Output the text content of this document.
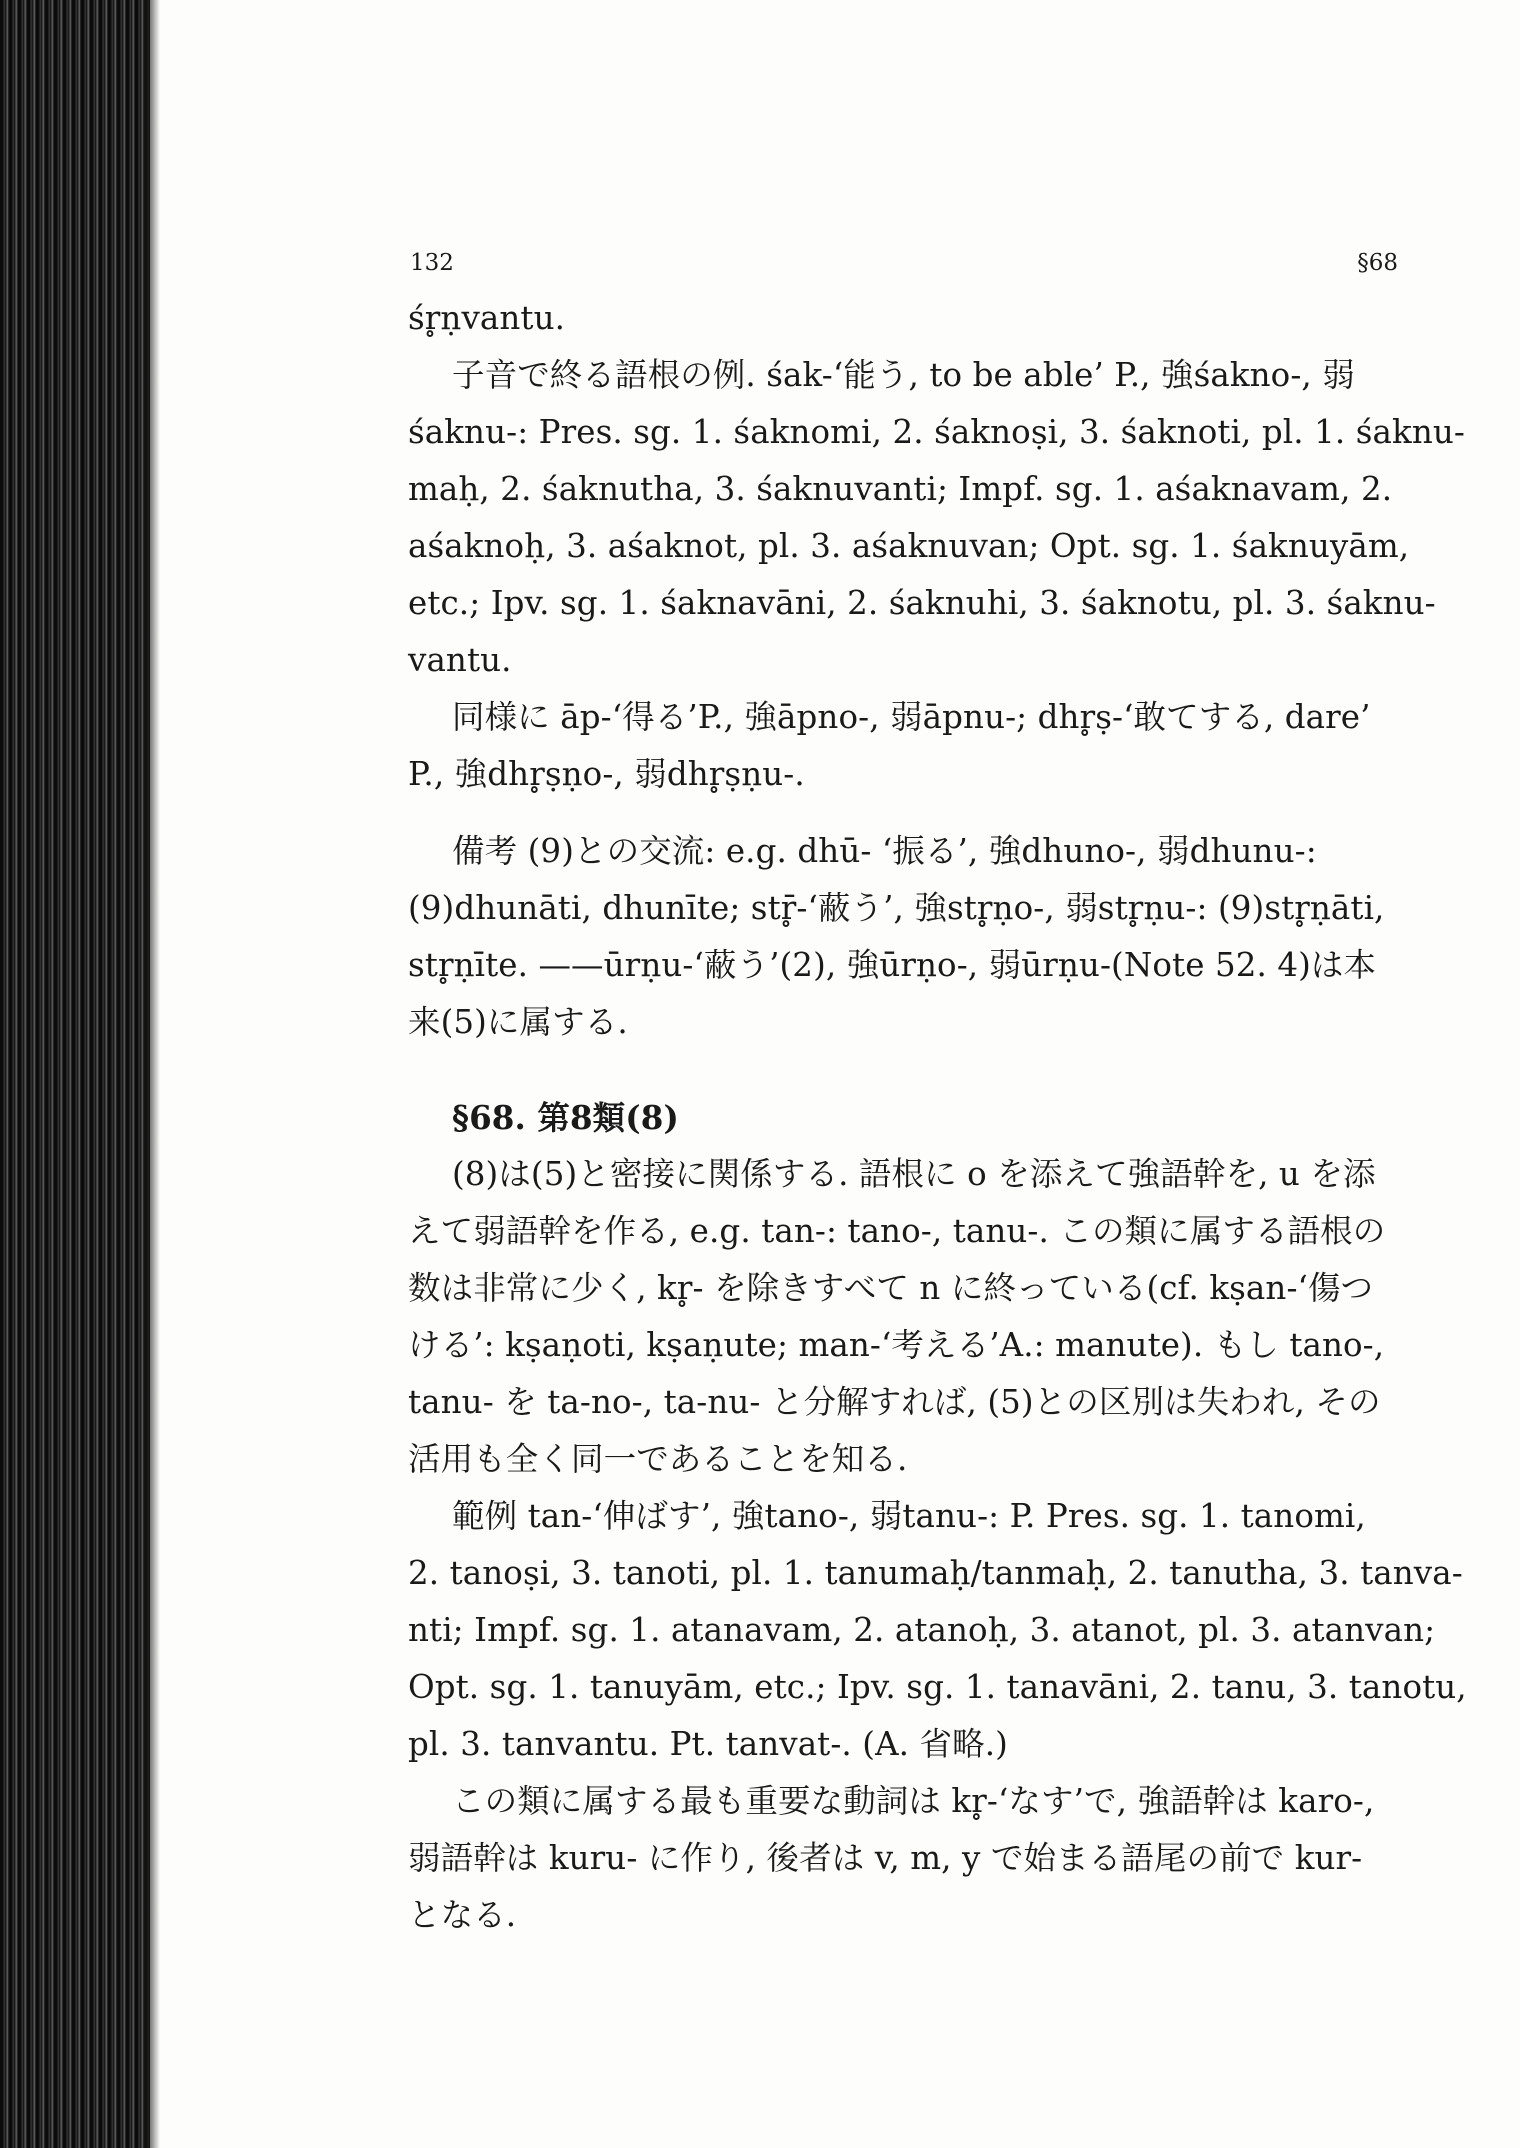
132	§68
śr̥ṇvantu.
子音で終る語根の例. śak-‘能う, to be able’ P., 強śakno-, 弱
śaknu-: Pres. sg. 1. śaknomi, 2. śaknoṣi, 3. śaknoti, pl. 1. śaknu-
maḥ, 2. śaknutha, 3. śaknuvanti; Impf. sg. 1. aśaknavam, 2.
aśaknoḥ, 3. aśaknot, pl. 3. aśaknuvan; Opt. sg. 1. śaknuyām,
etc.; Ipv. sg. 1. śaknavāni, 2. śaknuhi, 3. śaknotu, pl. 3. śaknu-
vantu.
同様に āp-‘得る’P., 強āpno-, 弱āpnu-; dhr̥ṣ-‘敢てする, dare’
P., 強dhr̥ṣṇo-, 弱dhr̥ṣṇu-.
備考 (9)との交流: e.g. dhū- ‘振る’, 強dhuno-, 弱dhunu-:
(9)dhunāti, dhunīte; str̥̄-‘蔽う’, 強str̥ṇo-, 弱str̥ṇu-: (9)str̥ṇāti,
str̥ṇīte. ——ūrṇu-‘蔽う’(2), 強ūrṇo-, 弱ūrṇu-(Note 52. 4)は本
来(5)に属する.
§68. 第8類(8)
(8)は(5)と密接に関係する. 語根に o を添えて強語幹を, u を添
えて弱語幹を作る, e.g. tan-: tano-, tanu-. この類に属する語根の
数は非常に少く, kr̥- を除きすべて n に終っている(cf. kṣan-‘傷つ
ける’: kṣaṇoti, kṣaṇute; man-‘考える’A.: manute). もし tano-,
tanu- を ta-no-, ta-nu- と分解すれば, (5)との区別は失われ, その
活用も全く同一であることを知る.
範例 tan-‘伸ばす’, 強tano-, 弱tanu-: P. Pres. sg. 1. tanomi,
2. tanoṣi, 3. tanoti, pl. 1. tanumaḥ/tanmaḥ, 2. tanutha, 3. tanva-
nti; Impf. sg. 1. atanavam, 2. atanoḥ, 3. atanot, pl. 3. atanvan;
Opt. sg. 1. tanuyām, etc.; Ipv. sg. 1. tanavāni, 2. tanu, 3. tanotu,
pl. 3. tanvantu. Pt. tanvat-. (A. 省略.)
この類に属する最も重要な動詞は kr̥-‘なす’で, 強語幹は karo-,
弱語幹は kuru- に作り, 後者は v, m, y で始まる語尾の前で kur-
となる.
